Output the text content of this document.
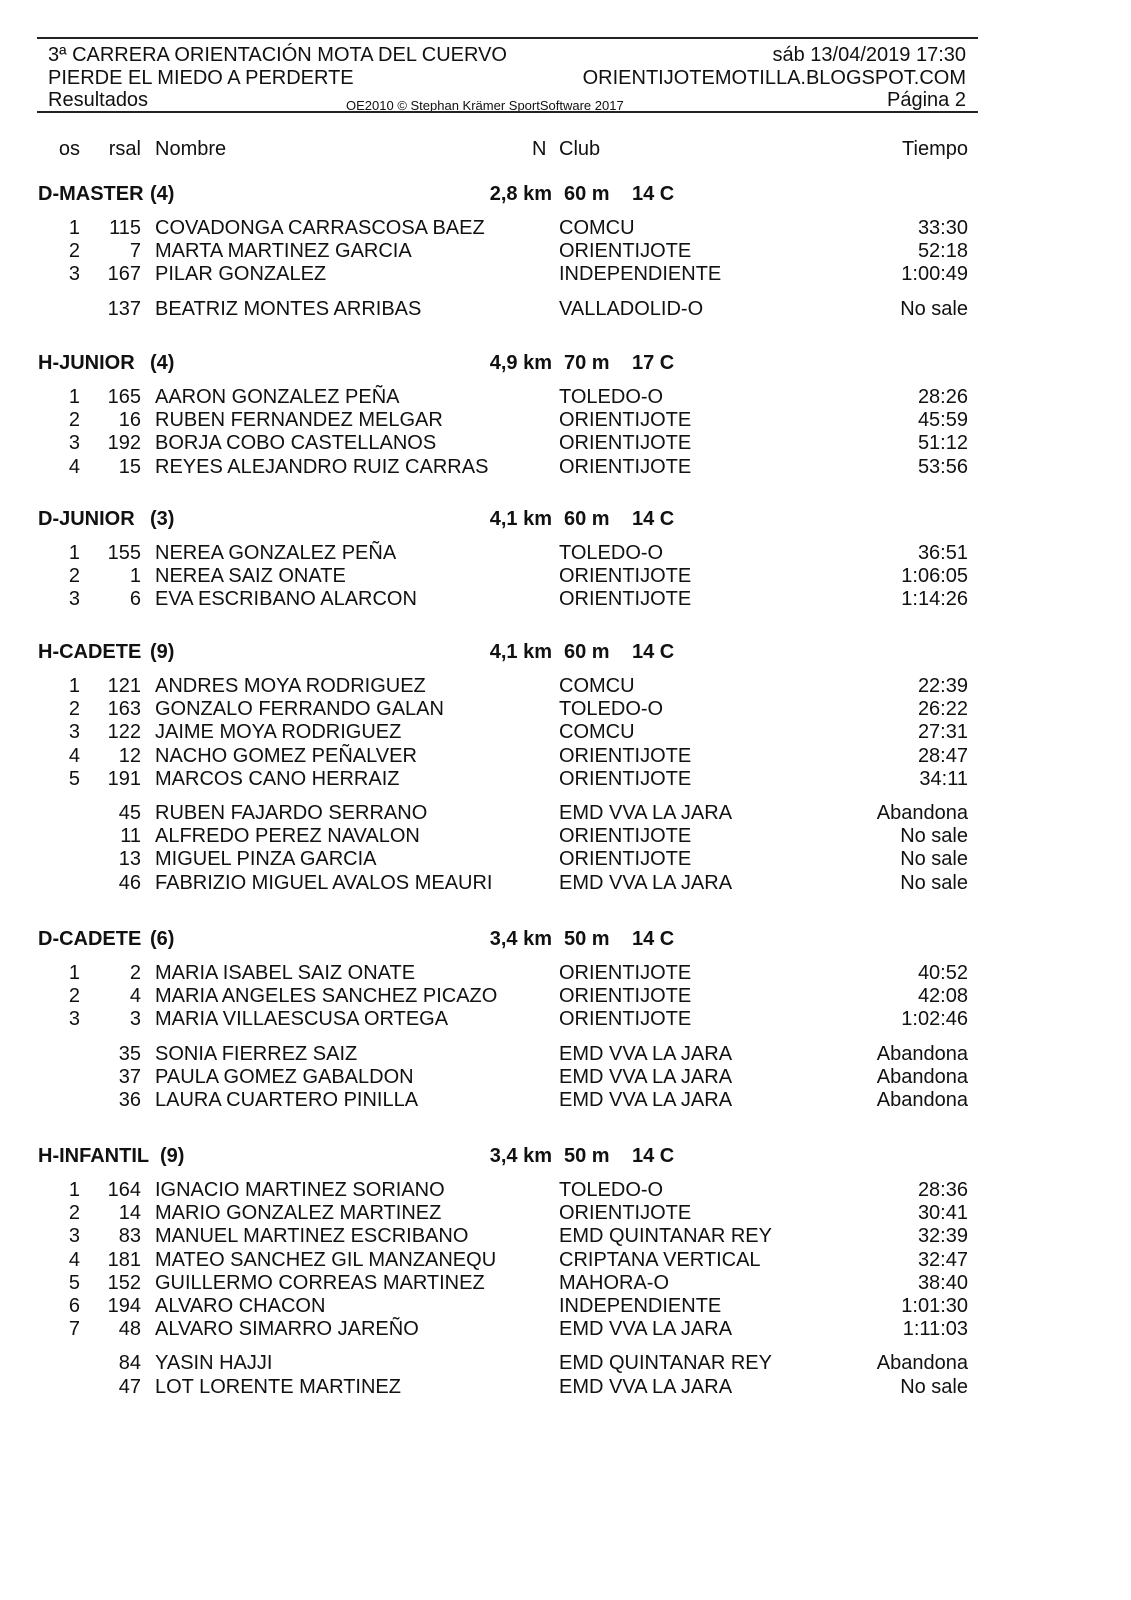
3ª CARRERA ORIENTACIÓN MOTA DEL CUERVO	sáb 13/04/2019 17:30
PIERDE EL MIEDO A PERDERTE	ORIENTIJOTEMOTILLA.BLOGSPOT.COM
Resultados	OE2010 © Stephan Krämer SportSoftware 2017	Página 2
os rsal Nombre	N Club	Tiempo
D-MASTER (4)	2,8 km 60 m 14 C
1 115 COVADONGA CARRASCOSA BAEZ	COMCU	33:30
2 7 MARTA MARTINEZ GARCIA	ORIENTIJOTE	52:18
3 167 PILAR GONZALEZ	INDEPENDIENTE	1:00:49
137 BEATRIZ MONTES ARRIBAS	VALLADOLID-O	No sale
H-JUNIOR (4)	4,9 km 70 m 17 C
1 165 AARON GONZALEZ PEÑA	TOLEDO-O	28:26
2 16 RUBEN FERNANDEZ MELGAR	ORIENTIJOTE	45:59
3 192 BORJA COBO CASTELLANOS	ORIENTIJOTE	51:12
4 15 REYES ALEJANDRO RUIZ CARRAS	ORIENTIJOTE	53:56
D-JUNIOR (3)	4,1 km 60 m 14 C
1 155 NEREA GONZALEZ PEÑA	TOLEDO-O	36:51
2 1 NEREA SAIZ ONATE	ORIENTIJOTE	1:06:05
3 6 EVA ESCRIBANO ALARCON	ORIENTIJOTE	1:14:26
H-CADETE (9)	4,1 km 60 m 14 C
1 121 ANDRES MOYA RODRIGUEZ	COMCU	22:39
2 163 GONZALO FERRANDO GALAN	TOLEDO-O	26:22
3 122 JAIME MOYA RODRIGUEZ	COMCU	27:31
4 12 NACHO GOMEZ PEÑALVER	ORIENTIJOTE	28:47
5 191 MARCOS CANO HERRAIZ	ORIENTIJOTE	34:11
45 RUBEN FAJARDO SERRANO	EMD VVA LA JARA	Abandona
11 ALFREDO PEREZ NAVALON	ORIENTIJOTE	No sale
13 MIGUEL PINZA GARCIA	ORIENTIJOTE	No sale
46 FABRIZIO MIGUEL AVALOS MEAURI	EMD VVA LA JARA	No sale
D-CADETE (6)	3,4 km 50 m 14 C
1 2 MARIA ISABEL SAIZ ONATE	ORIENTIJOTE	40:52
2 4 MARIA ANGELES SANCHEZ PICAZO	ORIENTIJOTE	42:08
3 3 MARIA VILLAESCUSA ORTEGA	ORIENTIJOTE	1:02:46
35 SONIA FIERREZ SAIZ	EMD VVA LA JARA	Abandona
37 PAULA GOMEZ GABALDON	EMD VVA LA JARA	Abandona
36 LAURA CUARTERO PINILLA	EMD VVA LA JARA	Abandona
H-INFANTIL (9)	3,4 km 50 m 14 C
1 164 IGNACIO MARTINEZ SORIANO	TOLEDO-O	28:36
2 14 MARIO GONZALEZ MARTINEZ	ORIENTIJOTE	30:41
3 83 MANUEL MARTINEZ ESCRIBANO	EMD QUINTANAR REY	32:39
4 181 MATEO SANCHEZ GIL MANZANEQU	CRIPTANA VERTICAL	32:47
5 152 GUILLERMO CORREAS MARTINEZ	MAHORA-O	38:40
6 194 ALVARO CHACON	INDEPENDIENTE	1:01:30
7 48 ALVARO SIMARRO JAREÑO	EMD VVA LA JARA	1:11:03
84 YASIN HAJJI	EMD QUINTANAR REY	Abandona
47 LOT LORENTE MARTINEZ	EMD VVA LA JARA	No sale
